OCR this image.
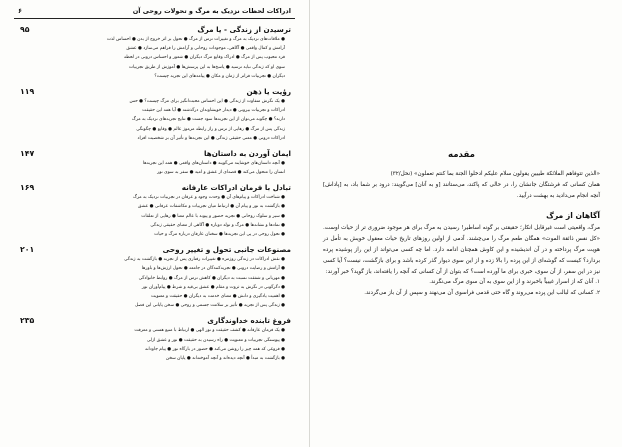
ادراکات لحظات نزدیک به مرگ و تحولات روحی آن
۶
ترسیدن از زندگی - یا مرگ
۹۵
● ملاقات‌های نزدیک به مرگ و تغییرات ترس از مرگ ● تحول بر اثر خروج از بدن ● احساس لذت
آرامش و کمال واقعی ● آگاهی، موجودات روحانی و آرامش را فراهم می‌سازد ● عشق
فرد محبوب پس از مرگ ● ادراک وقایع مرگ دیگران ● شعور و احساس درونی در لحظه
سوی او که زندگی نباید ترسید ● پاسخ‌ها به این پرسش‌ها ● آموزش از طریق تجربیات
دیگران ● تجربیات فراتر از زمان و مکان ● پیامدهای این تجربه چیست؟
رؤیت یا ذهن
۱۱۹
● یک نگرش متفاوت از زندگی ● این احساس محبت‌انگیز برای مرگ چیست؟ ● حس
ادراکات و تجربیات بیرونی ● دیدار خویشاوندان درگذشته ● آیا همه این حقیقت
دارند؟ ● چگونه می‌توان از این تجربه‌ها سود جست ● نتایج تجربه‌های نزدیک به مرگ
زندگی پس از مرگ ● رهایی از ترس و راز رابطه مرموز عالم ● وقایع ● چگونگی
ادراکات درونی ● معنی حقیقی زندگی ● این تجربه‌ها و تأثیر آن بر شخصیت افراد
ایمان آوردن به داستان‌ها
۱۴۷
● آنچه داستان‌های خوشایند می‌گویند ● داستان‌های واقعی ● همه این تجربه‌ها
انسان را متحول می‌کند ● قصه‌ای از عشق و امید ● سفر به سوی نور
تبادل با فرمان ادراکات عارفانه
۱۶۹
● شناخت ادراکات و پیام‌های آن ● وحدت وجود و عرفان در تجربیات نزدیک به مرگ
● بازگشت به نور و پیام آن ● ارتباط میان تجربیات و مکاشفات عرفانی ● عشق
● سیر و سلوک روحانی ● تجربه حضور و پیوند با عالم معنا ● رهایی از تعلقات
● نمادها و نشانه‌ها ● مرگ و تولد دوباره ● آگاهی از معنای حقیقی زندگی
● تحول روحی در پی این تجربه‌ها ● سخنان عارفان درباره مرگ و حیات
مصنوعات جانبی تحول و تغییر روحی
۲۰۱
● نقش ادراکات در زندگی روزمره ● تغییرات رفتاری پس از تجربه ● بازگشت به زندگی
● آرامش و رضایت درونی ● تجربه‌کنندگان در جامعه ● تحول ارزش‌ها و باورها
● مهربانی و شفقت نسبت به دیگران ● کاهش ترس از مرگ ● روابط خانوادگی
● دگرگونی در نگرش به ثروت و مقام ● عشق بی‌قید و شرط ● پیام‌آوران نور
● اهمیت یادگیری و دانش ● معنای خدمت به دیگران ● حقیقت و معنویت
● زندگی پس از تجربه ● تأثیر بر سلامت جسمی و روحی ● سخن پایانی این فصل
فروغ تابنده خداوندگاری
۲۳۵
● یک فرمان عارفانه ● کشف حقیقت و نور الهی ● ارتباط با منبع هستی و معرفت
● پیوستگی تجربیات و معنویت ● راه رسیدن به حقیقت ● نور و عشق ازلی
● فروغی که همه چیز را روشن می‌کند ● حضور در بارگاه نور ● پیام جاودانه
● بازگشت به مبدأ ● آنچه دیده‌اند و آنچه آموخته‌اند ● پایان سخن
مقدمه

«الذین تتوفاهم الملائکة طیبین یقولون سلام علیکم ادخلوا الجنة بما کنتم تعملون» (نحل/۳۲)

همان کسانی که فرشتگان جانشان را، در حالی که پاکند، می‌ستانند [و به آنان] می‌گویند: درود بر شما باد، به [پاداش] آنچه انجام می‌دادید به بهشت درآیید.

آگاهان از مرگ

مرگ، واقعیتی است غیرقابل انکار؛ حقیقتی بر گونه اساطیر! رسیدن به مرگ برای هر موجود ضروری تر از حیات اوست. «کل نفس ذائقة الموت» همگان طعم مرگ را می‌چشند. آدمی از اولین روزهای تاریخ حیات معقول خویش به تأمل در هویت مرگ پرداخته و در آن اندیشیده و این کاوش همچنان ادامه دارد. اما چه کسی می‌تواند از این راز پوشیده پرده بردارد؟ کیست که گوشه‌ای از این پرده را بالا زده و از این سوی دیوار گذر کرده باشد و برای بازگشت، نیست؟ آیا کسی نیز در این سفر، از آن سوی، خبری برای ما آورده است؟ که بتوان از آن کسانی که آنچه را یافته‌اند، باز گوید؟ خبر آورند:

۱. آنان که از اسرار غیبیاً باخبرند و از این سوی به آن سوی مرگ می‌نگرند.
۲. کسانی که لبالب این پرده می‌روند و گاه حتی قدمی فراسوی آن می‌نهند و سپس از آن باز می‌گردند.
